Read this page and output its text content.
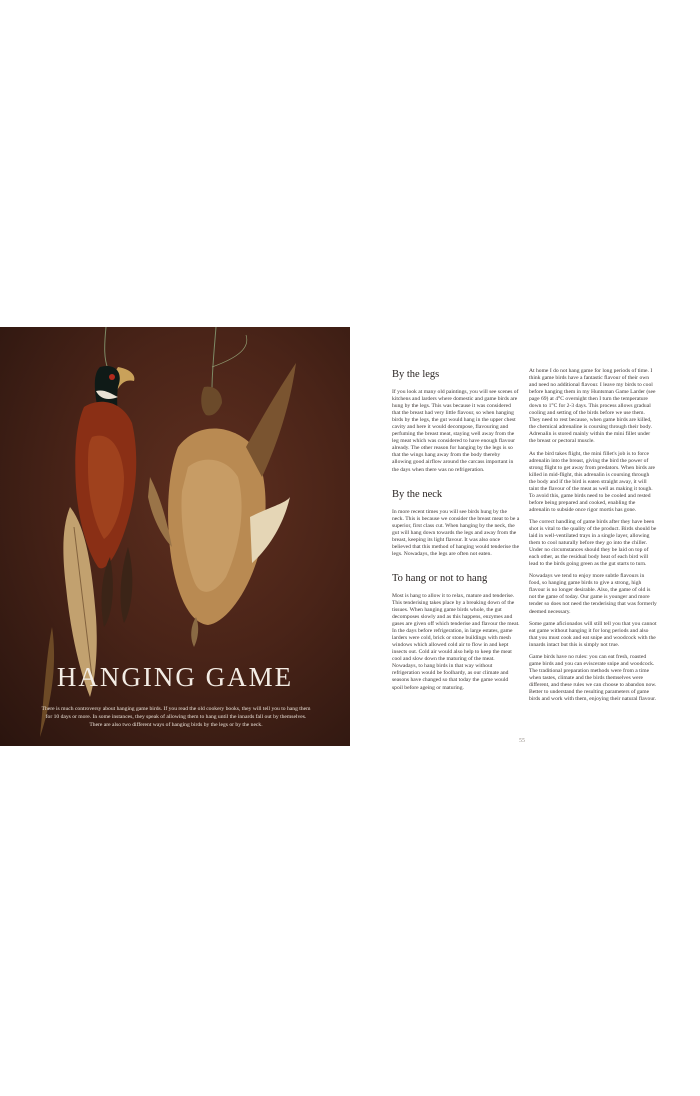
HANGING GAME

There is much controversy about hanging game birds. If you read the old cookery books, they will tell you to hang them for 10 days or more. In some instances, they speak of allowing them to hang until the innards fall out by themselves. There are also two different ways of hanging birds by the legs or by the neck.

By the legs

If you look at many old paintings, you will see scenes of kitchens and larders where domestic and game birds are hung by the legs. This was because it was considered that the breast had very little flavour, so when hanging birds by the legs, the gut would hang in the upper chest cavity and here it would decompose, flavouring and perfuming the breast meat, staying well away from the leg meat which was considered to have enough flavour already. The other reason for hanging by the legs is so that the wings hang away from the body thereby allowing good airflow around the carcass important in the days when there was no refrigeration.

By the neck

In more recent times you will see birds hung by the neck. This is because we consider the breast meat to be a superior, first class cut. When hanging by the neck, the gut will hang down towards the legs and away from the breast, keeping its light flavour. It was also once believed that this method of hanging would tenderise the legs. Nowadays, the legs are often not eaten.

To hang or not to hang

Most is hang to allow it to relax, mature and tenderise. This tenderising takes place by a breaking down of the tissues. When hanging game birds whole, the gut decomposes slowly and as this happens, enzymes and gases are given off which tenderise and flavour the meat. In the days before refrigeration, in large estates, game larders were cold, brick or stone buildings with mesh windows which allowed cold air to flow in and kept insects out. Cold air would also help to keep the meat cool and slow down the maturing of the meat. Nowadays, to hang birds in that way without refrigeration would be foolhardy, as our climate and seasons have changed so that today the game would spoil before ageing or maturing.

At home I do not hang game for long periods of time. I think game birds have a fantastic flavour of their own and need no additional flavour. I leave my birds to cool before hanging them in my Huntsman Game Larder (see page 69) at 4°C overnight then I turn the temperature down to 1°C for 2-3 days. This process allows gradual cooling and setting of the birds before we use them. They need to rest because, when game birds are killed, the chemical adrenaline is coursing through their body. Adrenalin is stored mainly within the mini fillet under the breast or pectoral muscle.

As the bird takes flight, the mini fillet's job is to force adrenalin into the breast, giving the bird the power of strong flight to get away from predators. When birds are killed in mid-flight, this adrenalin is coursing through the body and if the bird is eaten straight away, it will taint the flavour of the meat as well as making it tough. To avoid this, game birds need to be cooled and rested before being prepared and cooked, enabling the adrenalin to subside once rigor mortis has gone.

The correct handling of game birds after they have been shot is vital to the quality of the product. Birds should be laid in well-ventilated trays in a single layer, allowing them to cool naturally before they go into the chiller. Under no circumstances should they be laid on top of each other, as the residual body heat of each bird will lead to the birds going green as the gut starts to turn.

Nowadays we tend to enjoy more subtle flavours in food, so hanging game birds to give a strong, high flavour is no longer desirable. Also, the game of old is not the game of today. Our game is younger and more tender so does not need the tenderising that was formerly deemed necessary.

Some game aficionados will still tell you that you cannot eat game without hanging it for long periods and also that you must cook and eat snipe and woodcock with the innards intact but this is simply not true.

Game birds have no rules: you can eat fresh, roasted game birds and you can eviscerate snipe and woodcock. The traditional preparation methods were from a time when tastes, climate and the birds themselves were different, and these rules we can choose to abandon now. Better to understand the resulting parameters of game birds and work with them, enjoying their natural flavour.

55
